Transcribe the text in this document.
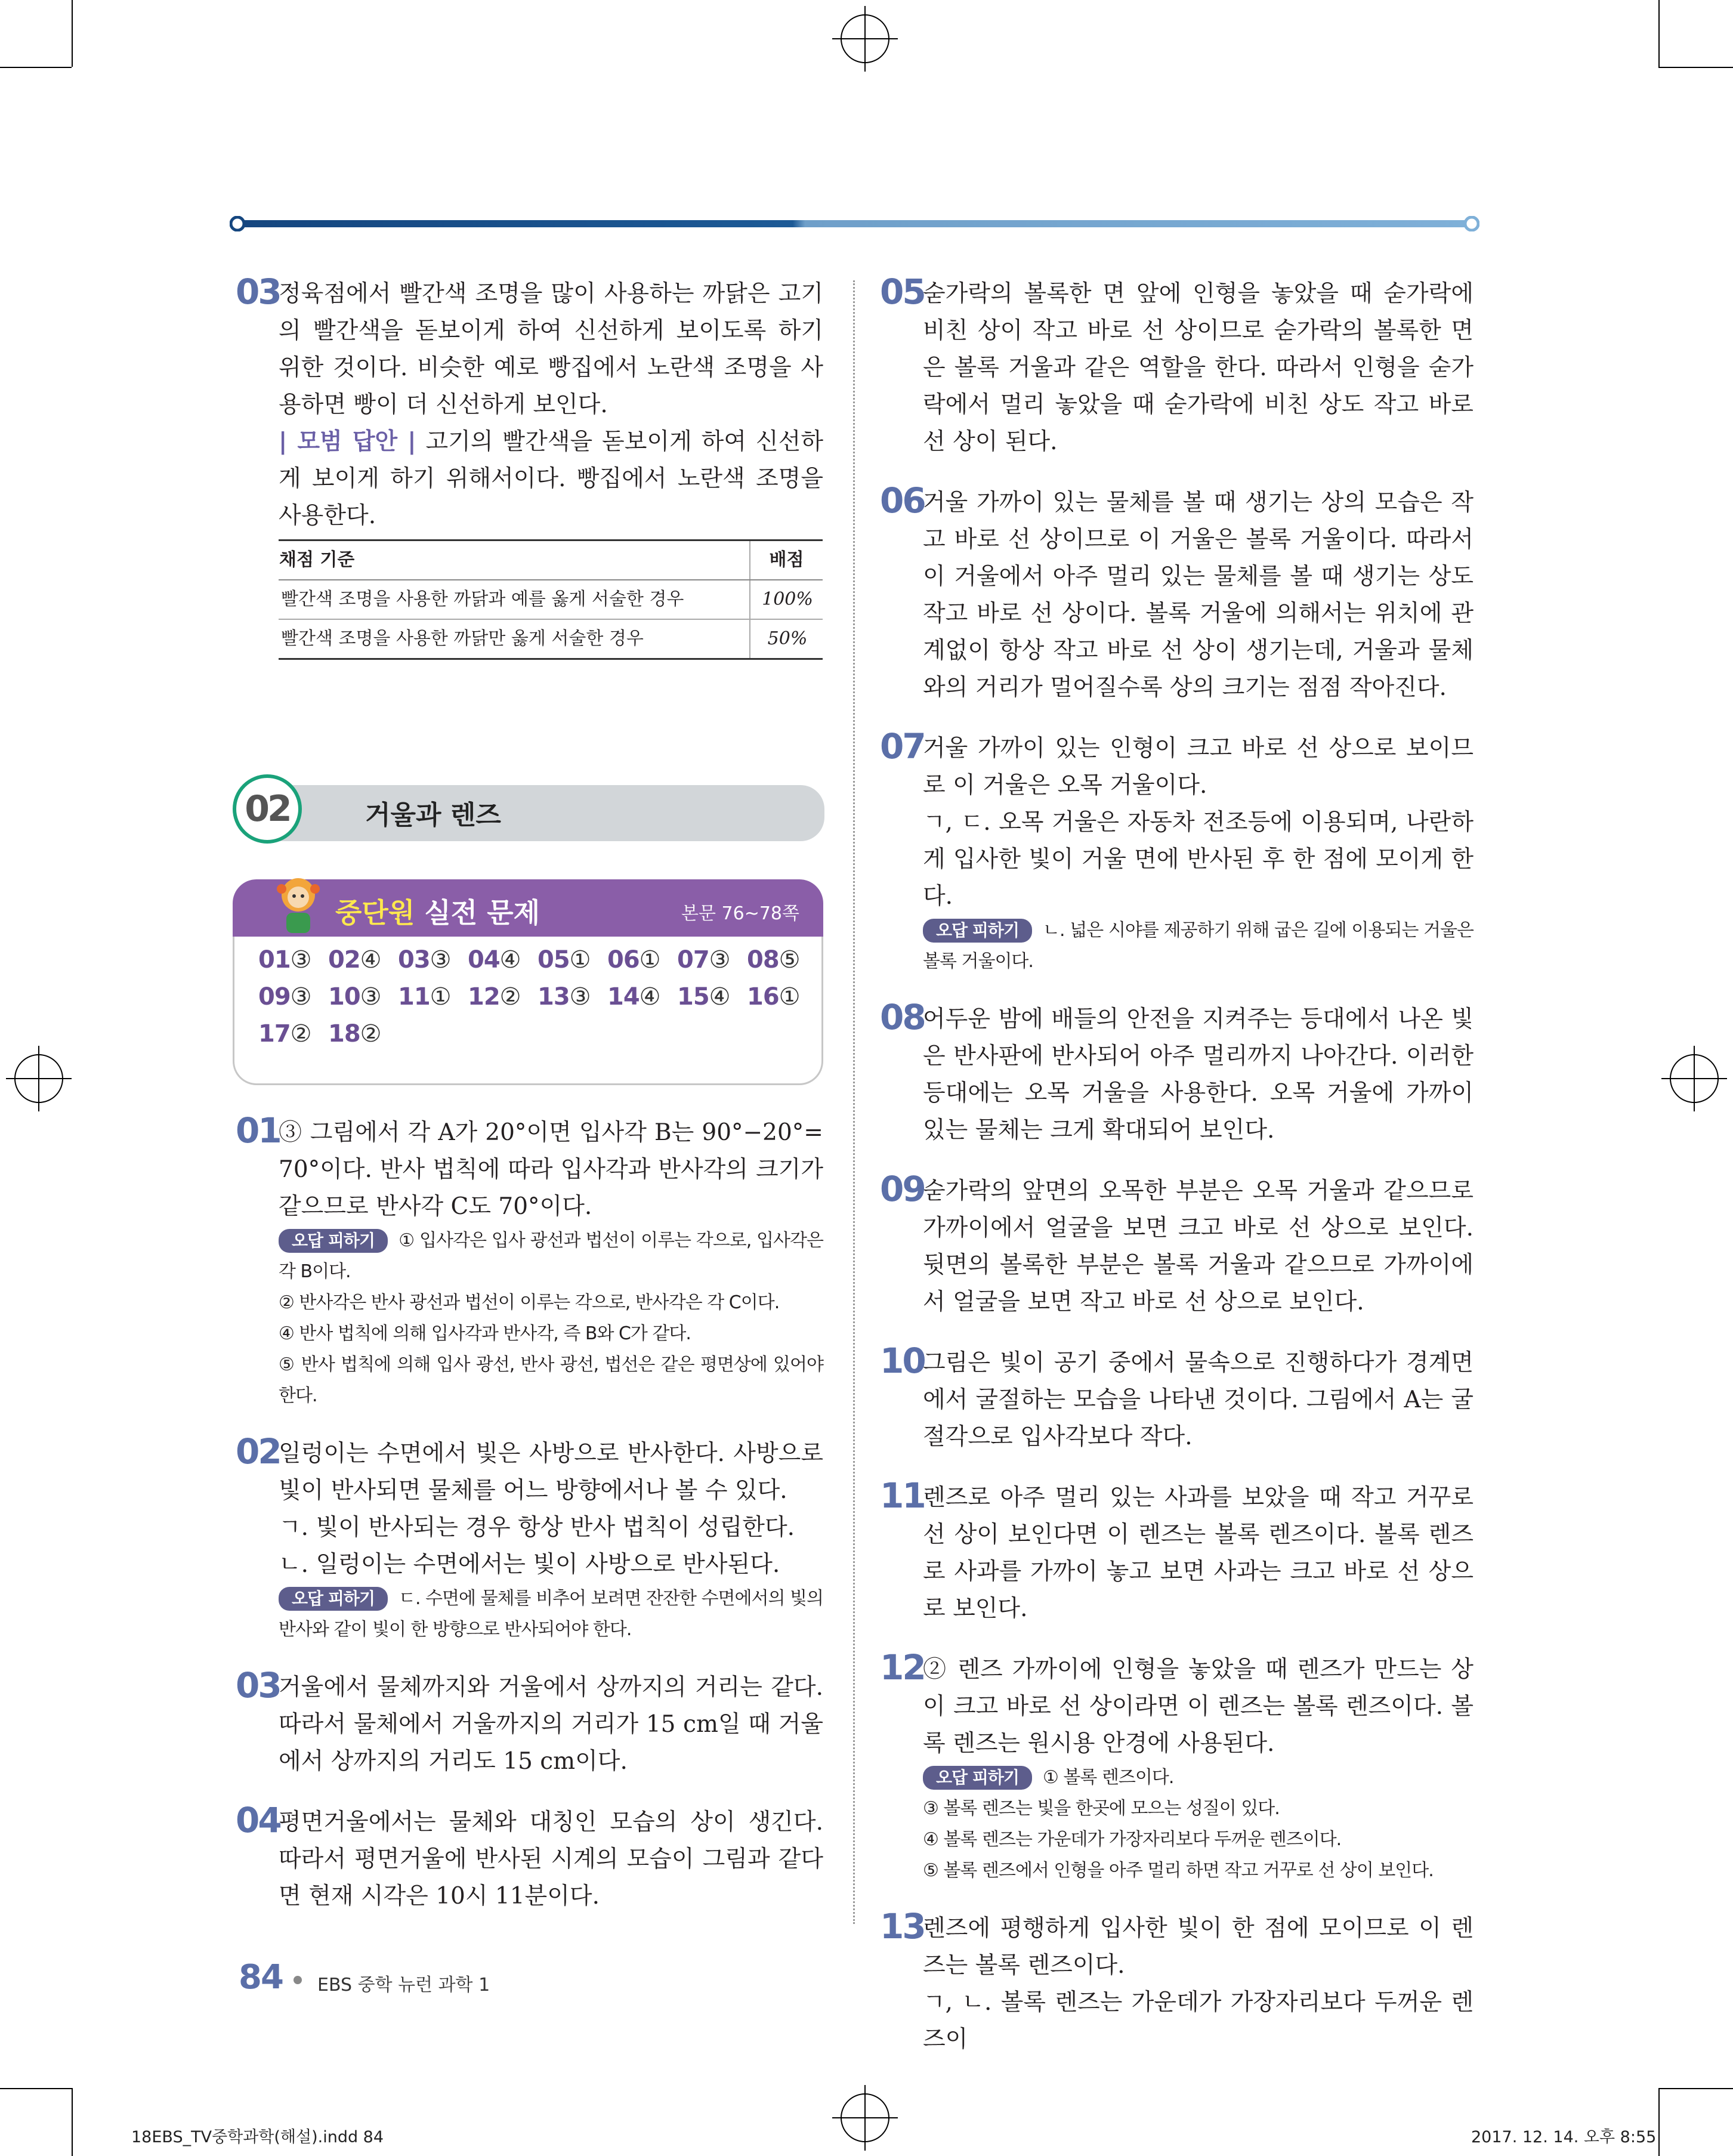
03

정육점에서 빨간색 조명을 많이 사용하는 까닭은 고기의 빨간색을 돋보이게 하여 신선하게 보이도록 하기 위한 것이다. 비슷한 예로 빵집에서 노란색 조명을 사용하면 빵이 더 신선하게 보인다.

| 모범 답안 | 고기의 빨간색을 돋보이게 하여 신선하게 보이게 하기 위해서이다. 빵집에서 노란색 조명을 사용한다.

채점 기준	배점
빨간색 조명을 사용한 까닭과 예를 옳게 서술한 경우	100%
빨간색 조명을 사용한 까닭만 옳게 서술한 경우	50%
02	거울과 렌즈
중단원 실전 문제	본문 76~78쪽
01③ 02④ 03③ 04④ 05① 06① 07③ 08⑤
09③ 10③ 11① 12② 13③ 14④ 15④ 16①
17② 18②
01

③ 그림에서 각 A가 20°이면 입사각 B는 90°−20°= 70°이다. 반사 법칙에 따라 입사각과 반사각의 크기가 같으므로 반사각 C도 70°이다.

오답 피하기 ① 입사각은 입사 광선과 법선이 이루는 각으로, 입사각은 각 B이다.

② 반사각은 반사 광선과 법선이 이루는 각으로, 반사각은 각 C이다.

④ 반사 법칙에 의해 입사각과 반사각, 즉 B와 C가 같다.

⑤ 반사 법칙에 의해 입사 광선, 반사 광선, 법선은 같은 평면상에 있어야 한다.

02

일렁이는 수면에서 빛은 사방으로 반사한다. 사방으로 빛이 반사되면 물체를 어느 방향에서나 볼 수 있다.

ㄱ. 빛이 반사되는 경우 항상 반사 법칙이 성립한다.

ㄴ. 일렁이는 수면에서는 빛이 사방으로 반사된다.

오답 피하기 ㄷ. 수면에 물체를 비추어 보려면 잔잔한 수면에서의 빛의 반사와 같이 빛이 한 방향으로 반사되어야 한다.

03

거울에서 물체까지와 거울에서 상까지의 거리는 같다. 따라서 물체에서 거울까지의 거리가 15 cm일 때 거울에서 상까지의 거리도 15 cm이다.

04

평면거울에서는 물체와 대칭인 모습의 상이 생긴다. 따라서 평면거울에 반사된 시계의 모습이 그림과 같다면 현재 시각은 10시 11분이다.

05

숟가락의 볼록한 면 앞에 인형을 놓았을 때 숟가락에 비친 상이 작고 바로 선 상이므로 숟가락의 볼록한 면은 볼록 거울과 같은 역할을 한다. 따라서 인형을 숟가락에서 멀리 놓았을 때 숟가락에 비친 상도 작고 바로 선 상이 된다.

06

거울 가까이 있는 물체를 볼 때 생기는 상의 모습은 작고 바로 선 상이므로 이 거울은 볼록 거울이다. 따라서 이 거울에서 아주 멀리 있는 물체를 볼 때 생기는 상도 작고 바로 선 상이다. 볼록 거울에 의해서는 위치에 관계없이 항상 작고 바로 선 상이 생기는데, 거울과 물체와의 거리가 멀어질수록 상의 크기는 점점 작아진다.

07

거울 가까이 있는 인형이 크고 바로 선 상으로 보이므로 이 거울은 오목 거울이다.

ㄱ, ㄷ. 오목 거울은 자동차 전조등에 이용되며, 나란하게 입사한 빛이 거울 면에 반사된 후 한 점에 모이게 한다.

오답 피하기 ㄴ. 넓은 시야를 제공하기 위해 굽은 길에 이용되는 거울은 볼록 거울이다.

08

어두운 밤에 배들의 안전을 지켜주는 등대에서 나온 빛은 반사판에 반사되어 아주 멀리까지 나아간다. 이러한 등대에는 오목 거울을 사용한다. 오목 거울에 가까이 있는 물체는 크게 확대되어 보인다.

09

숟가락의 앞면의 오목한 부분은 오목 거울과 같으므로 가까이에서 얼굴을 보면 크고 바로 선 상으로 보인다. 뒷면의 볼록한 부분은 볼록 거울과 같으므로 가까이에서 얼굴을 보면 작고 바로 선 상으로 보인다.

10

그림은 빛이 공기 중에서 물속으로 진행하다가 경계면에서 굴절하는 모습을 나타낸 것이다. 그림에서 A는 굴절각으로 입사각보다 작다.

11

렌즈로 아주 멀리 있는 사과를 보았을 때 작고 거꾸로 선 상이 보인다면 이 렌즈는 볼록 렌즈이다. 볼록 렌즈로 사과를 가까이 놓고 보면 사과는 크고 바로 선 상으로 보인다.

12

② 렌즈 가까이에 인형을 놓았을 때 렌즈가 만드는 상이 크고 바로 선 상이라면 이 렌즈는 볼록 렌즈이다. 볼록 렌즈는 원시용 안경에 사용된다.

오답 피하기 ① 볼록 렌즈이다.

③ 볼록 렌즈는 빛을 한곳에 모으는 성질이 있다.

④ 볼록 렌즈는 가운데가 가장자리보다 두꺼운 렌즈이다.

⑤ 볼록 렌즈에서 인형을 아주 멀리 하면 작고 거꾸로 선 상이 보인다.

13

렌즈에 평행하게 입사한 빛이 한 점에 모이므로 이 렌즈는 볼록 렌즈이다.

ㄱ, ㄴ. 볼록 렌즈는 가운데가 가장자리보다 두꺼운 렌즈이

84 EBS 중학 뉴런 과학 1
18EBS_TV중학과학(해설).indd 84	2017. 12. 14. 오후 8:55
